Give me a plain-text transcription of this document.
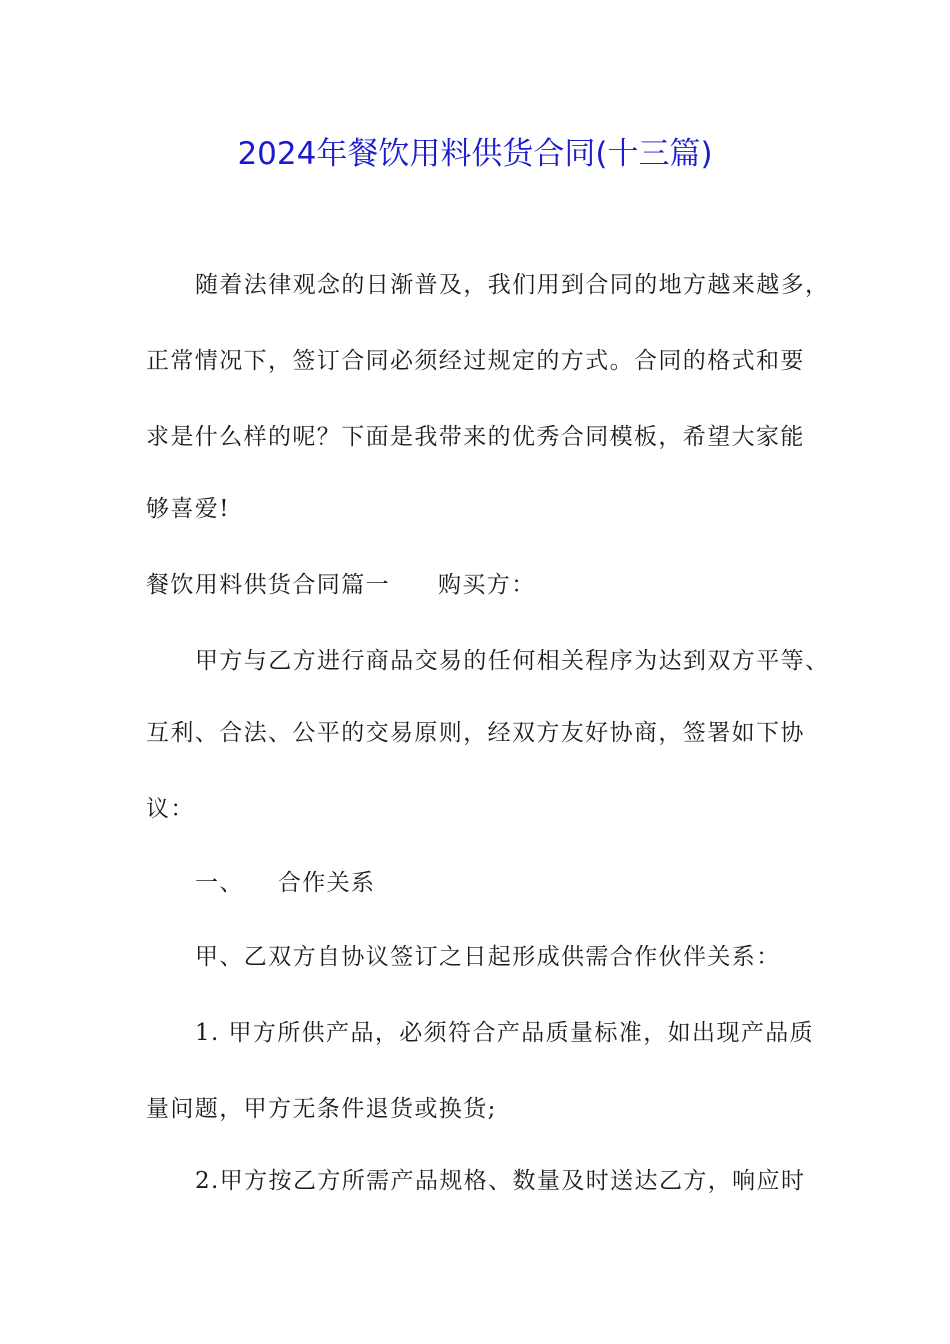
2024年餐饮用料供货合同(十三篇)
随着法律观念的日渐普及，我们用到合同的地方越来越多，
正常情况下，签订合同必须经过规定的方式。合同的格式和要
求是什么样的呢？下面是我带来的优秀合同模板，希望大家能
够喜爱!
餐饮用料供货合同篇一 购买方：
甲方与乙方进行商品交易的任何相关程序为达到双方平等、
互利、合法、公平的交易原则，经双方友好协商，签署如下协
议：
一、 合作关系
甲、乙双方自协议签订之日起形成供需合作伙伴关系：
1. 甲方所供产品，必须符合产品质量标准，如出现产品质
量问题，甲方无条件退货或换货;
2.甲方按乙方所需产品规格、数量及时送达乙方，响应时
